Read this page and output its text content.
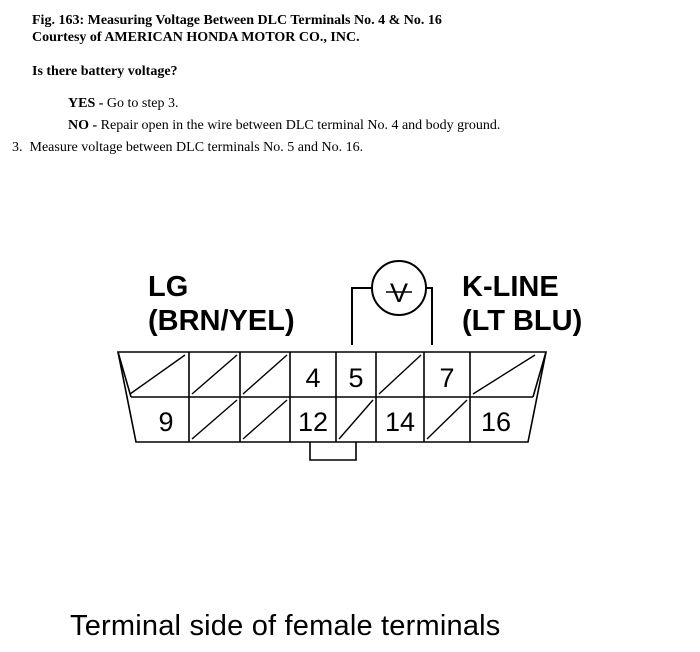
Fig. 163: Measuring Voltage Between DLC Terminals No. 4 & No. 16
Courtesy of AMERICAN HONDA MOTOR CO., INC.
Is there battery voltage?
YES - Go to step 3.
NO - Repair open in the wire between DLC terminal No. 4 and body ground.
3. Measure voltage between DLC terminals No. 5 and No. 16.
V
LG
(BRN/YEL)
K-LINE
(LT BLU)
4 5	7
9	12 14 16
Terminal side of female terminals
